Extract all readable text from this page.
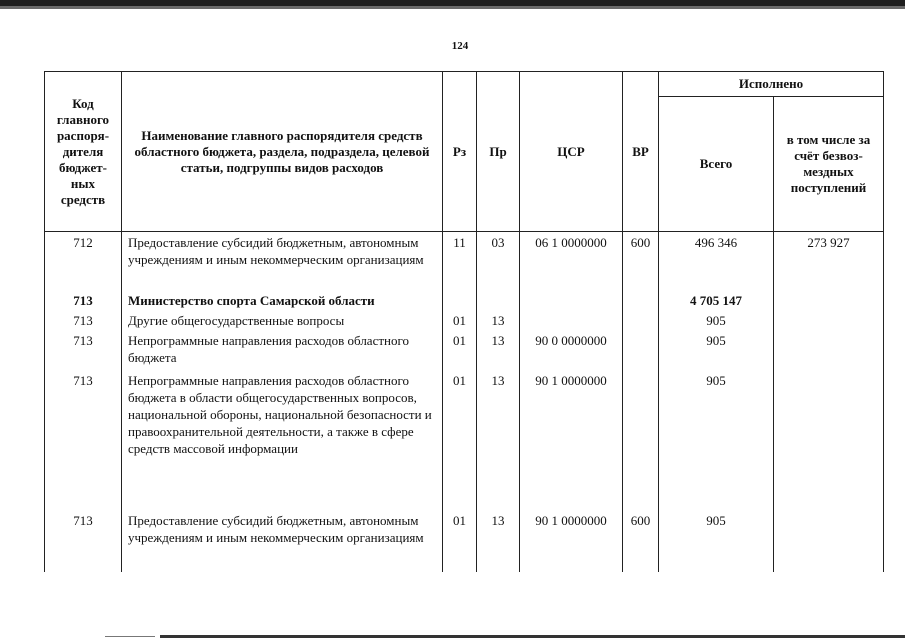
124
Код главного распоря-дителя бюджет-ных средств	Наименование главного распорядителя средств областного бюджета, раздела, подраздела, целевой статьи, подгруппы видов расходов	Рз	Пр	ЦСР	ВР	Исполнено	
						Всего	в том числе за счёт безвоз-мездных поступлений
712	Предоставление субсидий бюджетным, автономным учреждениям и иным некоммерческим организациям	11	03	06 1 0000000	600	496 346	273 927
713	Министерство спорта Самарской области					4 705 147	
713	Другие общегосударственные вопросы	01	13			905	
713	Непрограммные направления расходов областного бюджета	01	13	90 0 0000000		905	
713	Непрограммные направления расходов областного бюджета в области общегосударственных вопросов, национальной обороны, национальной безопасности и правоохранительной деятельности, а также в сфере средств массовой информации	01	13	90 1 0000000		905	
713	Предоставление субсидий бюджетным, автономным учреждениям и иным некоммерческим организациям	01	13	90 1 0000000	600	905	
